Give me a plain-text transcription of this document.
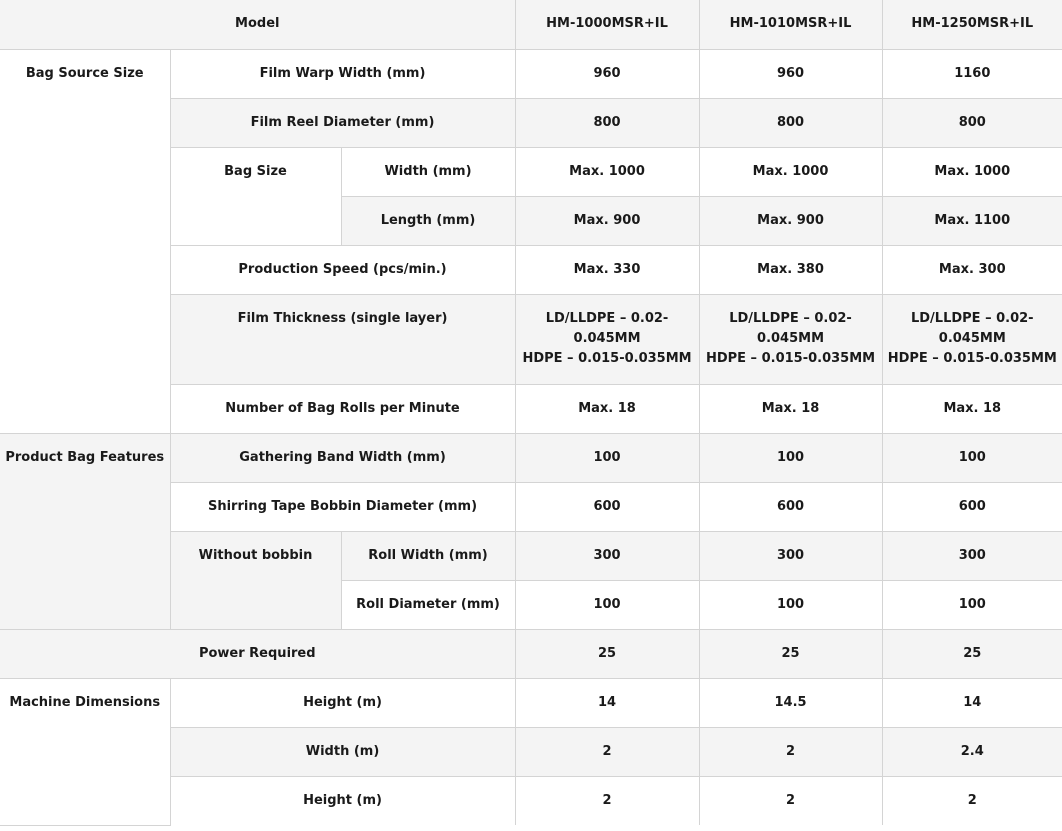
Model			HM-1000MSR+IL	HM-1010MSR+IL	HM-1250MSR+IL
Bag Source Size	Film Warp Width (mm)		960	960	1160
	Film Reel Diameter (mm)		800	800	800
	Bag Size	Width (mm)	Max. 1000	Max. 1000	Max. 1000
		Length (mm)	Max. 900	Max. 900	Max. 1100
	Production Speed (pcs/min.)		Max. 330	Max. 380	Max. 300
	Film Thickness (single layer)		LD/LLDPE – 0.02-
0.045MM
HDPE – 0.015-0.035MM	LD/LLDPE – 0.02-
0.045MM
HDPE – 0.015-0.035MM	LD/LLDPE – 0.02-
0.045MM
HDPE – 0.015-0.035MM

	Number of Bag Rolls per Minute		Max. 18	Max. 18	Max. 18
Product Bag Features	Gathering Band Width (mm)		100	100	100
	Shirring Tape Bobbin Diameter (mm)		600	600	600
	Without bobbin	Roll Width (mm)	300	300	300
		Roll Diameter (mm)	100	100	100
Power Required			25	25	25
Machine Dimensions	Height (m)		14	14.5	14
	Width (m)		2	2	2.4
	Height (m)		2	2	2
